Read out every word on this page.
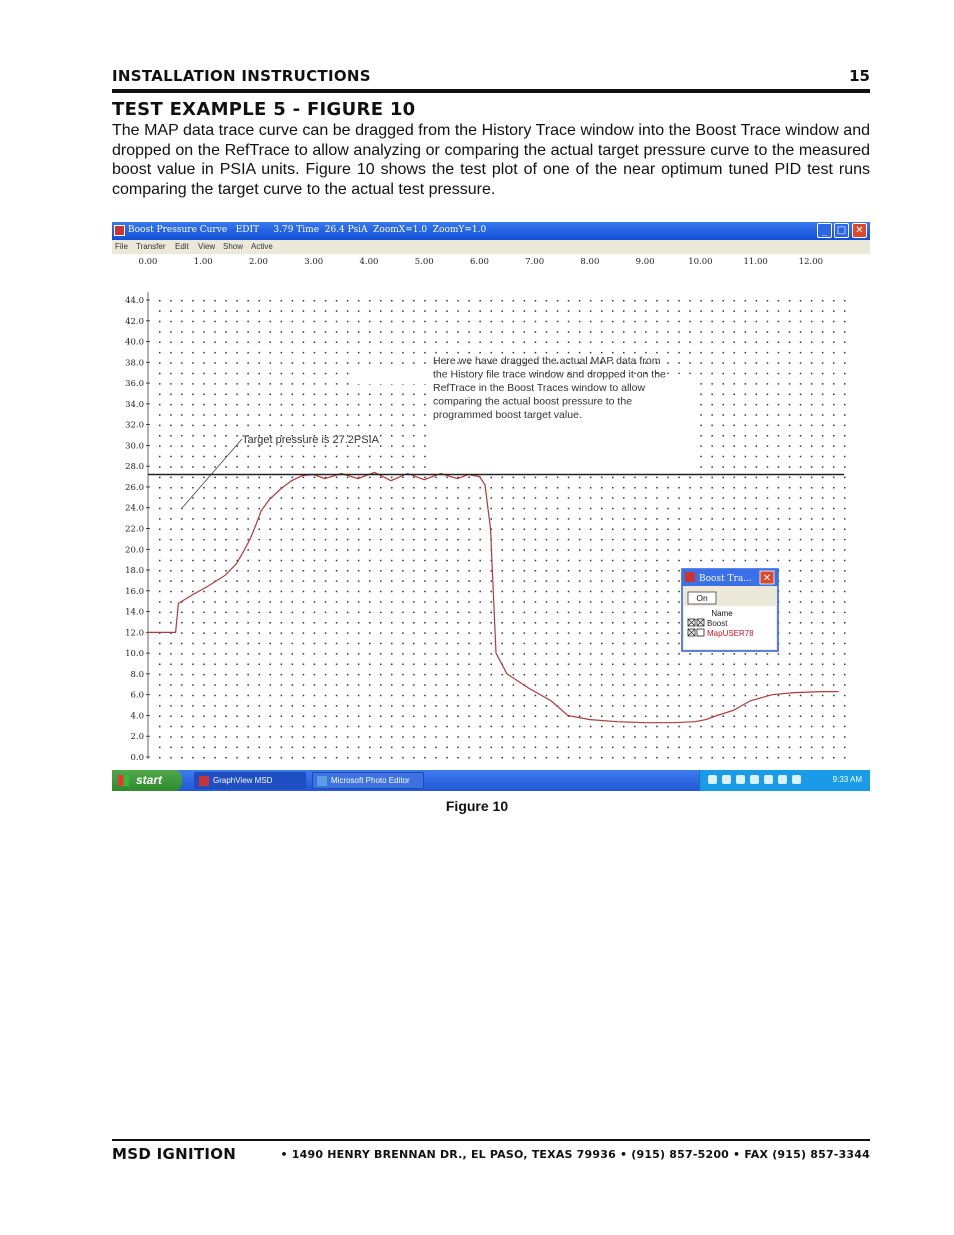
INSTALLATION INSTRUCTIONS	15
TEST EXAMPLE 5 - FIGURE 10
The MAP data trace curve can be dragged from the History Trace window into the Boost Trace window and dropped on the RefTrace to allow analyzing or comparing the actual target pressure curve to the measured boost value in PSIA units. Figure 10 shows the test plot of one of the near optimum tuned PID test runs comparing the target curve to the actual test pressure.
Boost Pressure Curve   EDIT     3.79 Time  26.4 PsiA  ZoomX=1.0  ZoomY=1.0	_ □ ✕
File Transfer Edit View Show Active
0.00	1.00	2.00	3.00	4.00	5.00	6.00	7.00	8.00	9.00	10.00	11.00	12.00
0.0
2.0
4.0
6.0
8.0
10.0
12.0
14.0
16.0
18.0
20.0
22.0
24.0
26.0
28.0
30.0
32.0
34.0
36.0
38.0
40.0
42.0
44.0
Target pressure is 27.2PSIA
Here we have dragged the actual MAP data from the History file trace window and dropped it on the RefTrace in the Boost Traces window to allow comparing the actual boost pressure to the programmed boost target value.
Boost Tra... ✕
On
Name
Boost
MapUSER78
start	GraphView MSD	Microsoft Photo Editor	9:33 AM
Figure 10
MSD IGNITION	• 1490 HENRY BRENNAN DR., EL PASO, TEXAS 79936 • (915) 857-5200 • FAX (915) 857-3344
